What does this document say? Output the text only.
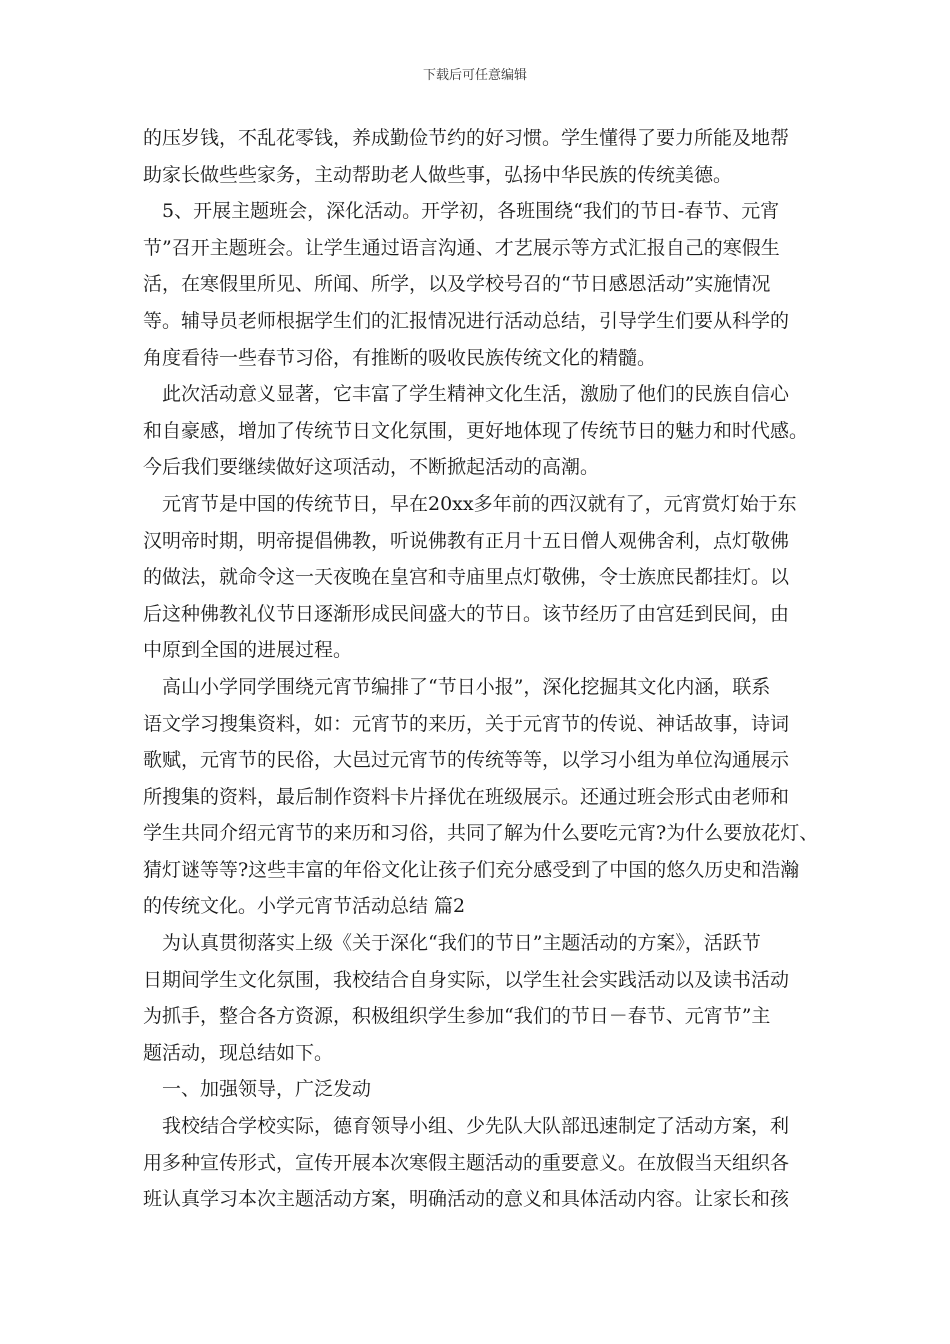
下载后可任意编辑
的压岁钱，不乱花零钱，养成勤俭节约的好习惯。学生懂得了要力所能及地帮
助家长做些些家务，主动帮助老人做些事，弘扬中华民族的传统美德。
5、开展主题班会，深化活动。开学初，各班围绕“我们的节日-春节、元宵
节”召开主题班会。让学生通过语言沟通、才艺展示等方式汇报自己的寒假生
活，在寒假里所见、所闻、所学，以及学校号召的“节日感恩活动”实施情况
等。辅导员老师根据学生们的汇报情况进行活动总结，引导学生们要从科学的
角度看待一些春节习俗，有推断的吸收民族传统文化的精髓。
此次活动意义显著，它丰富了学生精神文化生活，激励了他们的民族自信心
和自豪感，增加了传统节日文化氛围，更好地体现了传统节日的魅力和时代感。
今后我们要继续做好这项活动，不断掀起活动的高潮。
元宵节是中国的传统节日，早在20xx多年前的西汉就有了，元宵赏灯始于东
汉明帝时期，明帝提倡佛教，听说佛教有正月十五日僧人观佛舍利，点灯敬佛
的做法，就命令这一天夜晚在皇宫和寺庙里点灯敬佛，令士族庶民都挂灯。以
后这种佛教礼仪节日逐渐形成民间盛大的节日。该节经历了由宫廷到民间，由
中原到全国的进展过程。
高山小学同学围绕元宵节编排了“节日小报”，深化挖掘其文化内涵，联系
语文学习搜集资料，如：元宵节的来历，关于元宵节的传说、神话故事，诗词
歌赋，元宵节的民俗，大邑过元宵节的传统等等，以学习小组为单位沟通展示
所搜集的资料，最后制作资料卡片择优在班级展示。还通过班会形式由老师和
学生共同介绍元宵节的来历和习俗，共同了解为什么要吃元宵?为什么要放花灯、
猜灯谜等等?这些丰富的年俗文化让孩子们充分感受到了中国的悠久历史和浩瀚
的传统文化。小学元宵节活动总结 篇2
为认真贯彻落实上级《关于深化“我们的节日”主题活动的方案》，活跃节
日期间学生文化氛围，我校结合自身实际，以学生社会实践活动以及读书活动
为抓手，整合各方资源，积极组织学生参加“我们的节日－春节、元宵节”主
题活动，现总结如下。
一、加强领导，广泛发动
我校结合学校实际，德育领导小组、少先队大队部迅速制定了活动方案，利
用多种宣传形式，宣传开展本次寒假主题活动的重要意义。在放假当天组织各
班认真学习本次主题活动方案，明确活动的意义和具体活动内容。让家长和孩
